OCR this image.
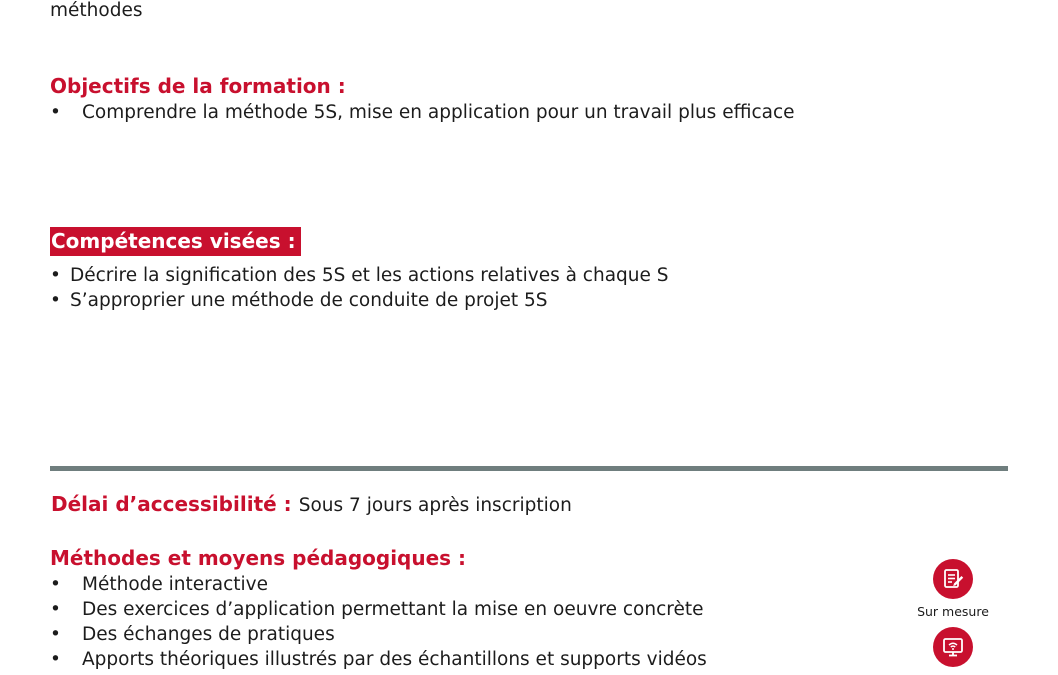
méthodes
Objectifs de la formation :
• Comprendre la méthode 5S, mise en application pour un travail plus efficace
Compétences visées :
• Décrire la signification des 5S et les actions relatives à chaque S
• S’approprier une méthode de conduite de projet 5S
Délai d’accessibilité : Sous 7 jours après inscription
Méthodes et moyens pédagogiques :
• Méthode interactive
• Des exercices d’application permettant la mise en oeuvre concrète
• Des échanges de pratiques
• Apports théoriques illustrés par des échantillons et supports vidéos
Sur mesure
